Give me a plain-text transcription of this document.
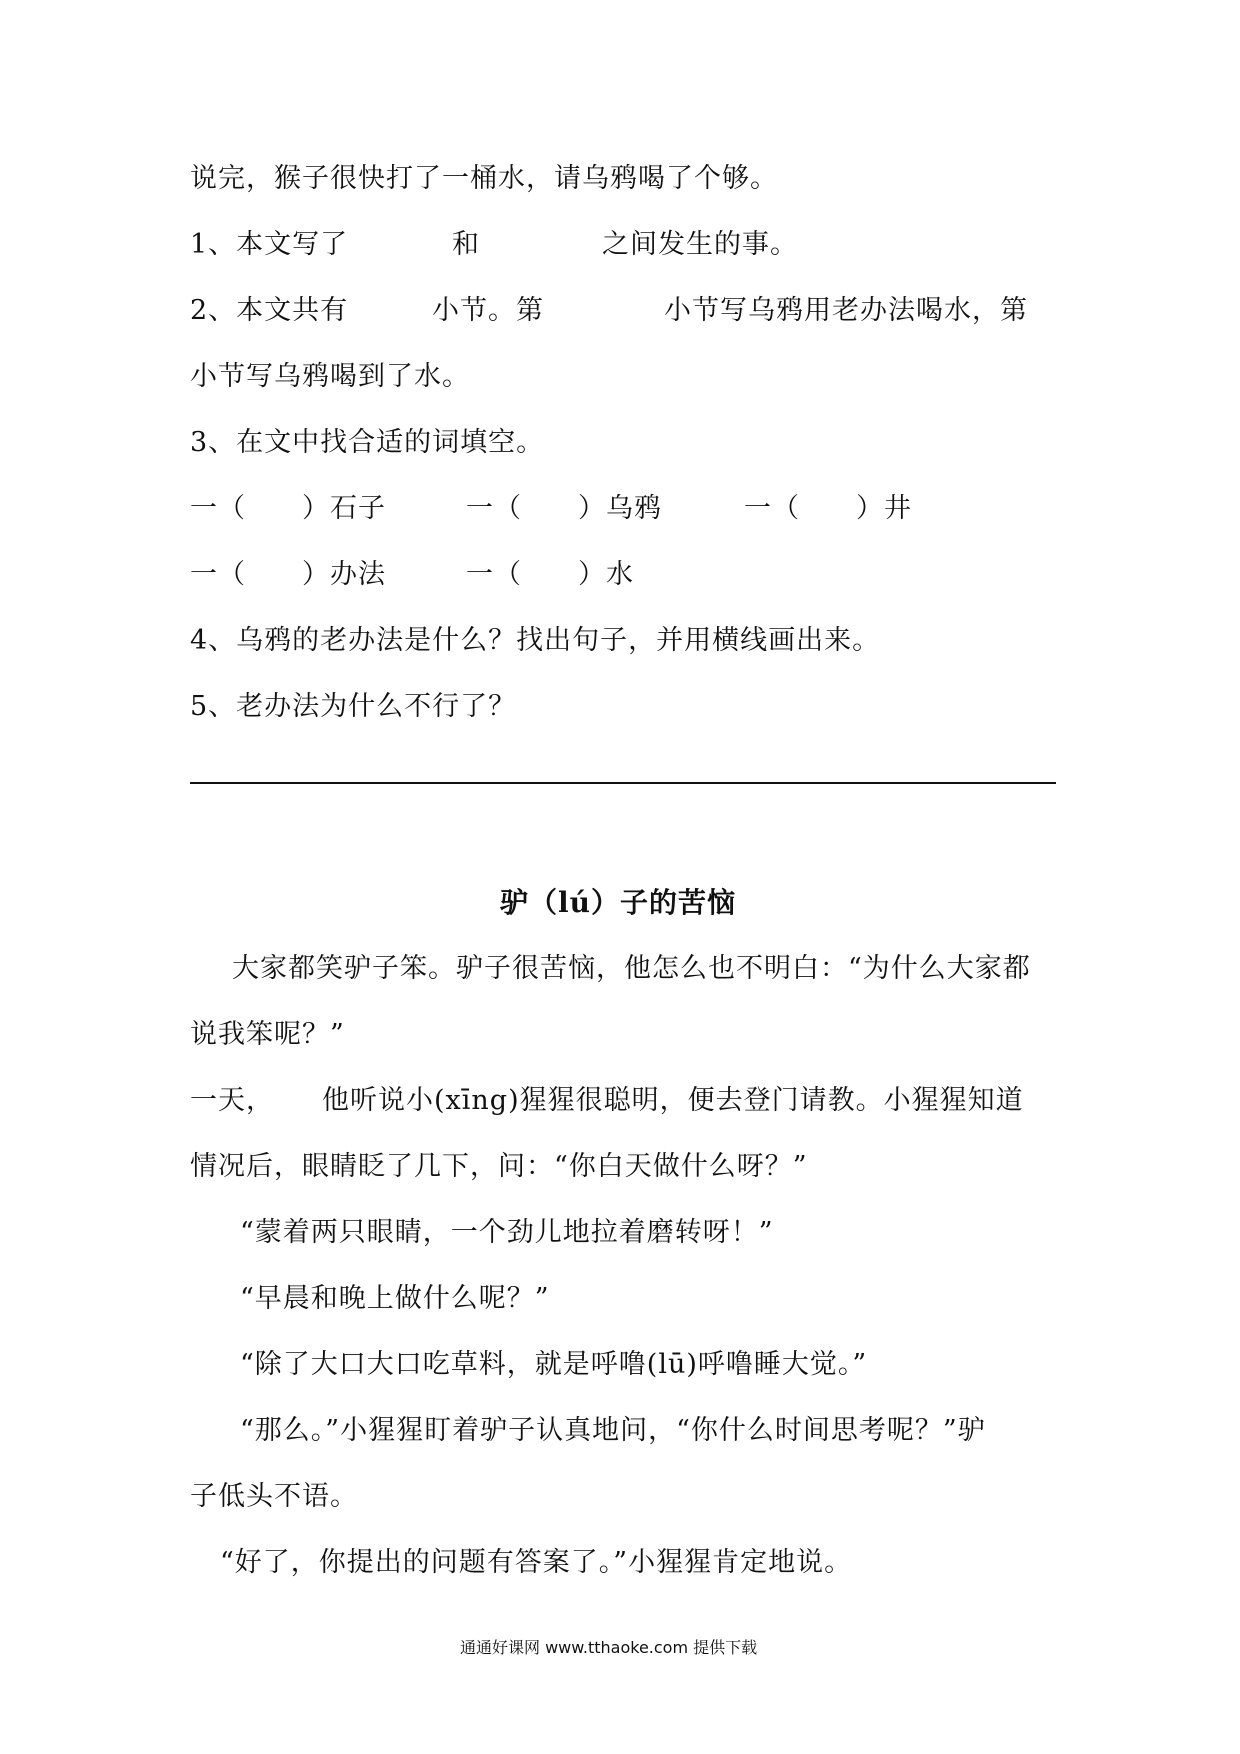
说完，猴子很快打了一桶水，请乌鸦喝了个够。
1、本文写了	和	之间发生的事。
2、本文共有	小节。第	小节写乌鸦用老办法喝水，第
小节写乌鸦喝到了水。
3、在文中找合适的词填空。
一（　　）石子	一（　　）乌鸦	一（　　）井
一（　　）办法	一（　　）水
4、乌鸦的老办法是什么？找出句子，并用横线画出来。
5、老办法为什么不行了？
驴（lú）子的苦恼
大家都笑驴子笨。驴子很苦恼，他怎么也不明白：“为什么大家都
说我笨呢？”
一天， 他听说小(xīng)猩猩很聪明，便去登门请教。小猩猩知道
情况后，眼睛眨了几下，问：“你白天做什么呀？”
“蒙着两只眼睛，一个劲儿地拉着磨转呀！”
“早晨和晚上做什么呢？”
“除了大口大口吃草料，就是呼噜(lū)呼噜睡大觉。”
“那么。”小猩猩盯着驴子认真地问，“你什么时间思考呢？”驴
子低头不语。
“好了，你提出的问题有答案了。”小猩猩肯定地说。
通通好课网 www.tthaoke.com 提供下载
